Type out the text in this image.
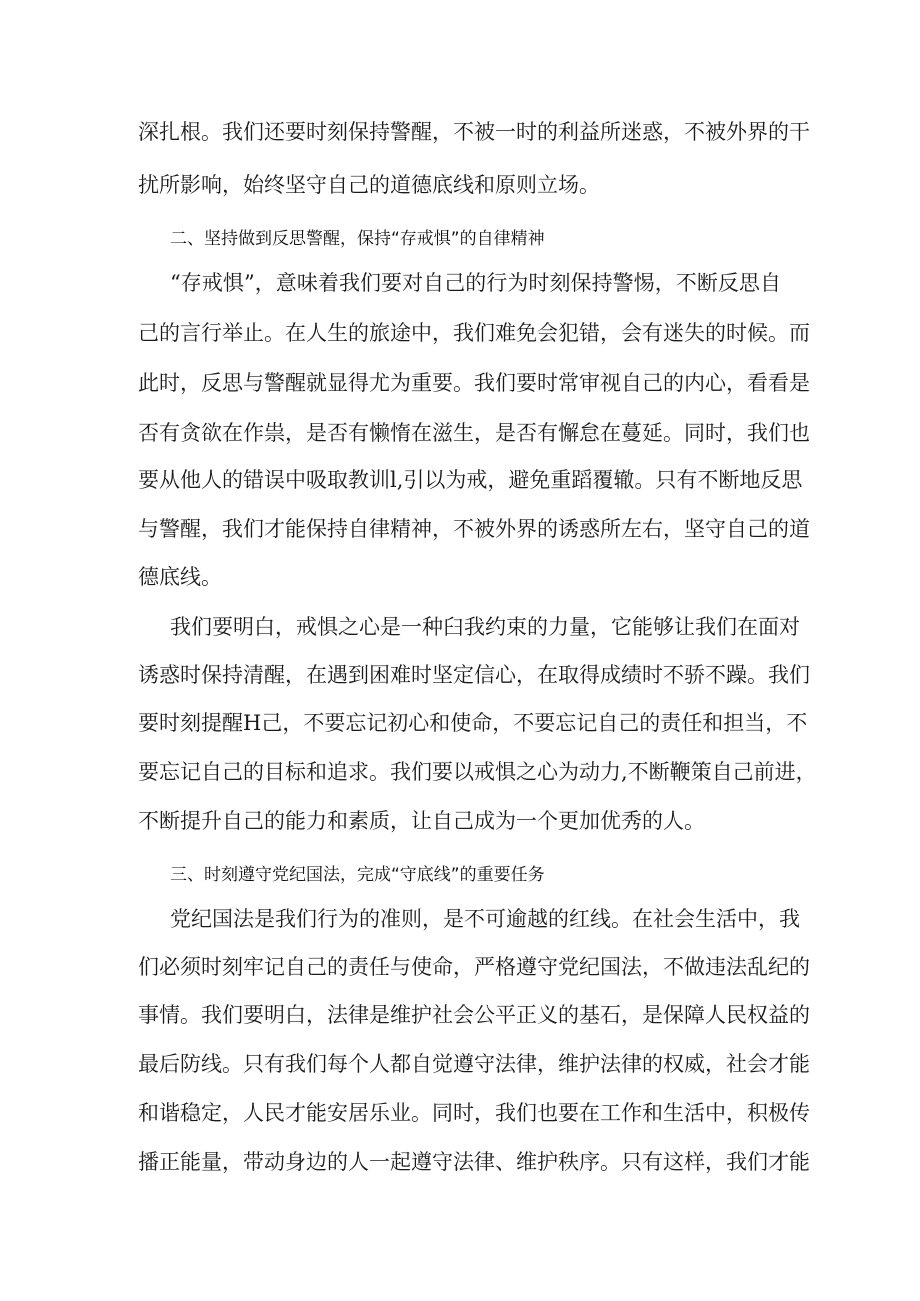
深扎根。我们还要时刻保持警醒，不被一时的利益所迷惑，不被外界的干
扰所影响，始终坚守自己的道德底线和原则立场。
二、坚持做到反思警醒，保持“存戒惧”的自律精神
“存戒惧”，意味着我们要对自己的行为时刻保持警惕，不断反思自
己的言行举止。在人生的旅途中，我们难免会犯错，会有迷失的时候。而
此时，反思与警醒就显得尤为重要。我们要时常审视自己的内心，看看是
否有贪欲在作祟，是否有懒惰在滋生，是否有懈怠在蔓延。同时，我们也
要从他人的错误中吸取教训l,引以为戒，避免重蹈覆辙。只有不断地反思
与警醒，我们才能保持自律精神，不被外界的诱惑所左右，坚守自己的道
德底线。
我们要明白，戒惧之心是一种臼我约束的力量，它能够让我们在面对
诱惑时保持清醒，在遇到困难时坚定信心，在取得成绩时不骄不躁。我们
要时刻提醒H己，不要忘记初心和使命，不要忘记自己的责任和担当，不
要忘记自己的目标和追求。我们要以戒惧之心为动力,不断鞭策自己前进，
不断提升自己的能力和素质，让自己成为一个更加优秀的人。
三、时刻遵守党纪国法，完成“守底线”的重要任务
党纪国法是我们行为的准则，是不可逾越的红线。在社会生活中，我
们必须时刻牢记自己的责任与使命，严格遵守党纪国法，不做违法乱纪的
事情。我们要明白，法律是维护社会公平正义的基石，是保障人民权益的
最后防线。只有我们每个人都自觉遵守法律，维护法律的权威，社会才能
和谐稳定，人民才能安居乐业。同时，我们也要在工作和生活中，积极传
播正能量，带动身边的人一起遵守法律、维护秩序。只有这样，我们才能
